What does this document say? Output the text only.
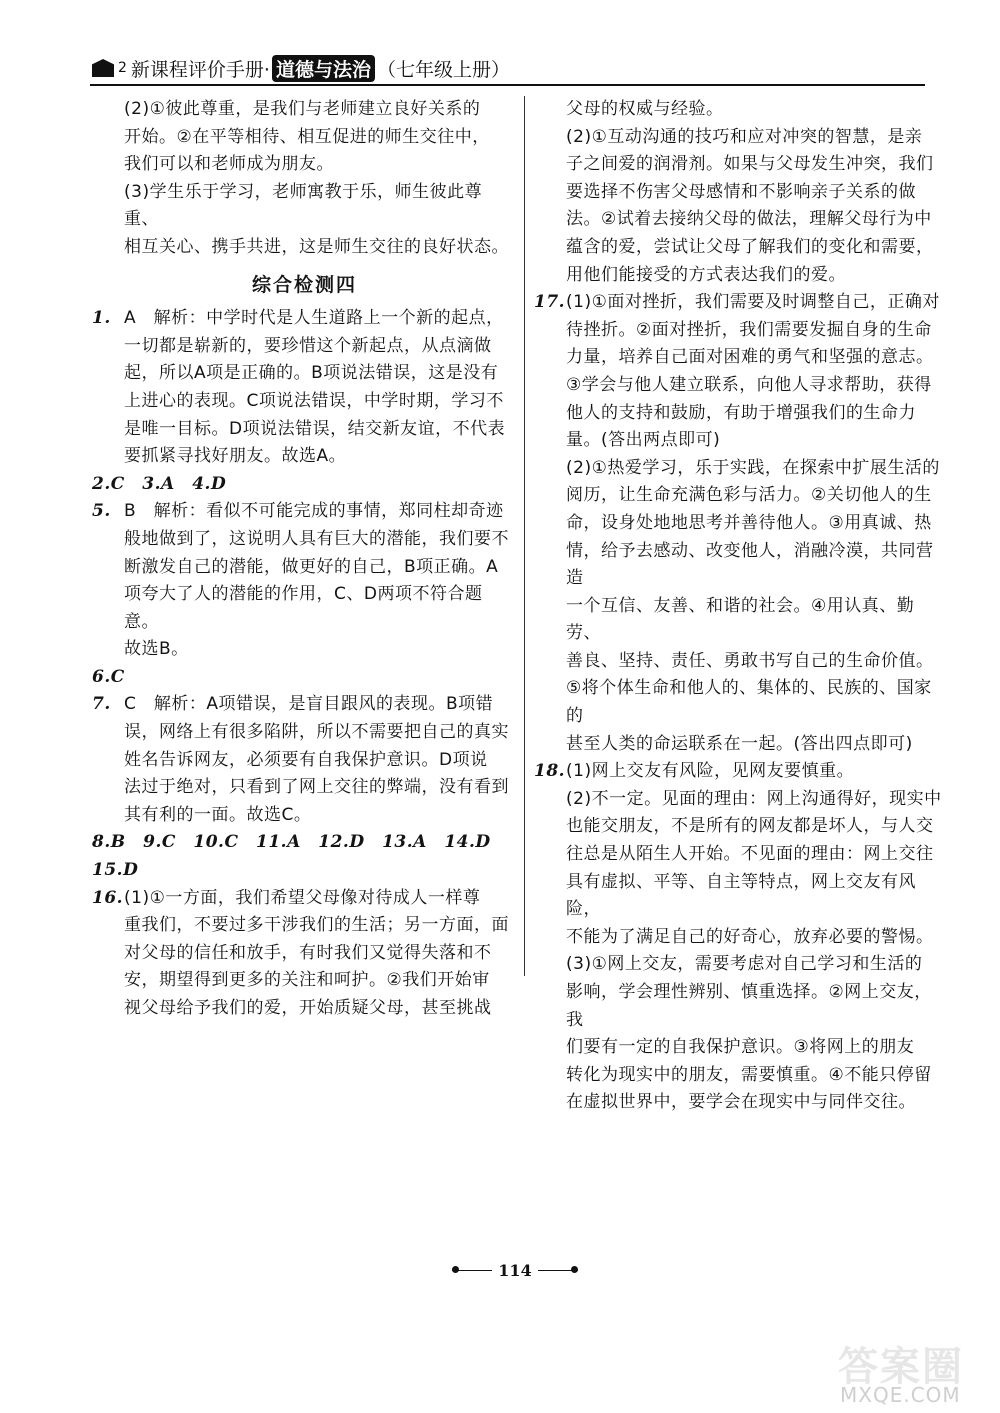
2 新课程评价手册· 道德与法治 （七年级上册）
(2)①彼此尊重，是我们与老师建立良好关系的
开始。②在平等相待、相互促进的师生交往中，
我们可以和老师成为朋友。
(3)学生乐于学习，老师寓教于乐，师生彼此尊重、
相互关心、携手共进，这是师生交往的良好状态。
综合检测四
1. A　解析：中学时代是人生道路上一个新的起点，
一切都是崭新的，要珍惜这个新起点，从点滴做
起，所以A项是正确的。B项说法错误，这是没有
上进心的表现。C项说法错误，中学时期，学习不
是唯一目标。D项说法错误，结交新友谊，不代表
要抓紧寻找好朋友。故选A。
2.C　3.A　4.D
5. B　解析：看似不可能完成的事情，郑同柱却奇迹
般地做到了，这说明人具有巨大的潜能，我们要不
断激发自己的潜能，做更好的自己，B项正确。A
项夸大了人的潜能的作用，C、D两项不符合题意。
故选B。
6.C
7. C　解析：A项错误，是盲目跟风的表现。B项错
误，网络上有很多陷阱，所以不需要把自己的真实
姓名告诉网友，必须要有自我保护意识。D项说
法过于绝对，只看到了网上交往的弊端，没有看到
其有利的一面。故选C。
8.B　9.C　10.C　11.A　12.D　13.A　14.D
15.D
16. (1)①一方面，我们希望父母像对待成人一样尊
重我们，不要过多干涉我们的生活；另一方面，面
对父母的信任和放手，有时我们又觉得失落和不
安，期望得到更多的关注和呵护。②我们开始审
视父母给予我们的爱，开始质疑父母，甚至挑战
父母的权威与经验。
(2)①互动沟通的技巧和应对冲突的智慧，是亲
子之间爱的润滑剂。如果与父母发生冲突，我们
要选择不伤害父母感情和不影响亲子关系的做
法。②试着去接纳父母的做法，理解父母行为中
蕴含的爱，尝试让父母了解我们的变化和需要，
用他们能接受的方式表达我们的爱。
17. (1)①面对挫折，我们需要及时调整自己，正确对
待挫折。②面对挫折，我们需要发掘自身的生命
力量，培养自己面对困难的勇气和坚强的意志。
③学会与他人建立联系，向他人寻求帮助，获得
他人的支持和鼓励，有助于增强我们的生命力
量。(答出两点即可)
(2)①热爱学习，乐于实践，在探索中扩展生活的
阅历，让生命充满色彩与活力。②关切他人的生
命，设身处地地思考并善待他人。③用真诚、热
情，给予去感动、改变他人，消融冷漠，共同营造
一个互信、友善、和谐的社会。④用认真、勤劳、
善良、坚持、责任、勇敢书写自己的生命价值。
⑤将个体生命和他人的、集体的、民族的、国家的
甚至人类的命运联系在一起。(答出四点即可)
18. (1)网上交友有风险，见网友要慎重。
(2)不一定。见面的理由：网上沟通得好，现实中
也能交朋友，不是所有的网友都是坏人，与人交
往总是从陌生人开始。不见面的理由：网上交往
具有虚拟、平等、自主等特点，网上交友有风险，
不能为了满足自己的好奇心，放弃必要的警惕。
(3)①网上交友，需要考虑对自己学习和生活的
影响，学会理性辨别、慎重选择。②网上交友，我
们要有一定的自我保护意识。③将网上的朋友
转化为现实中的朋友，需要慎重。④不能只停留
在虚拟世界中，要学会在现实中与同伴交往。
114
答案圈
MXQE.COM
